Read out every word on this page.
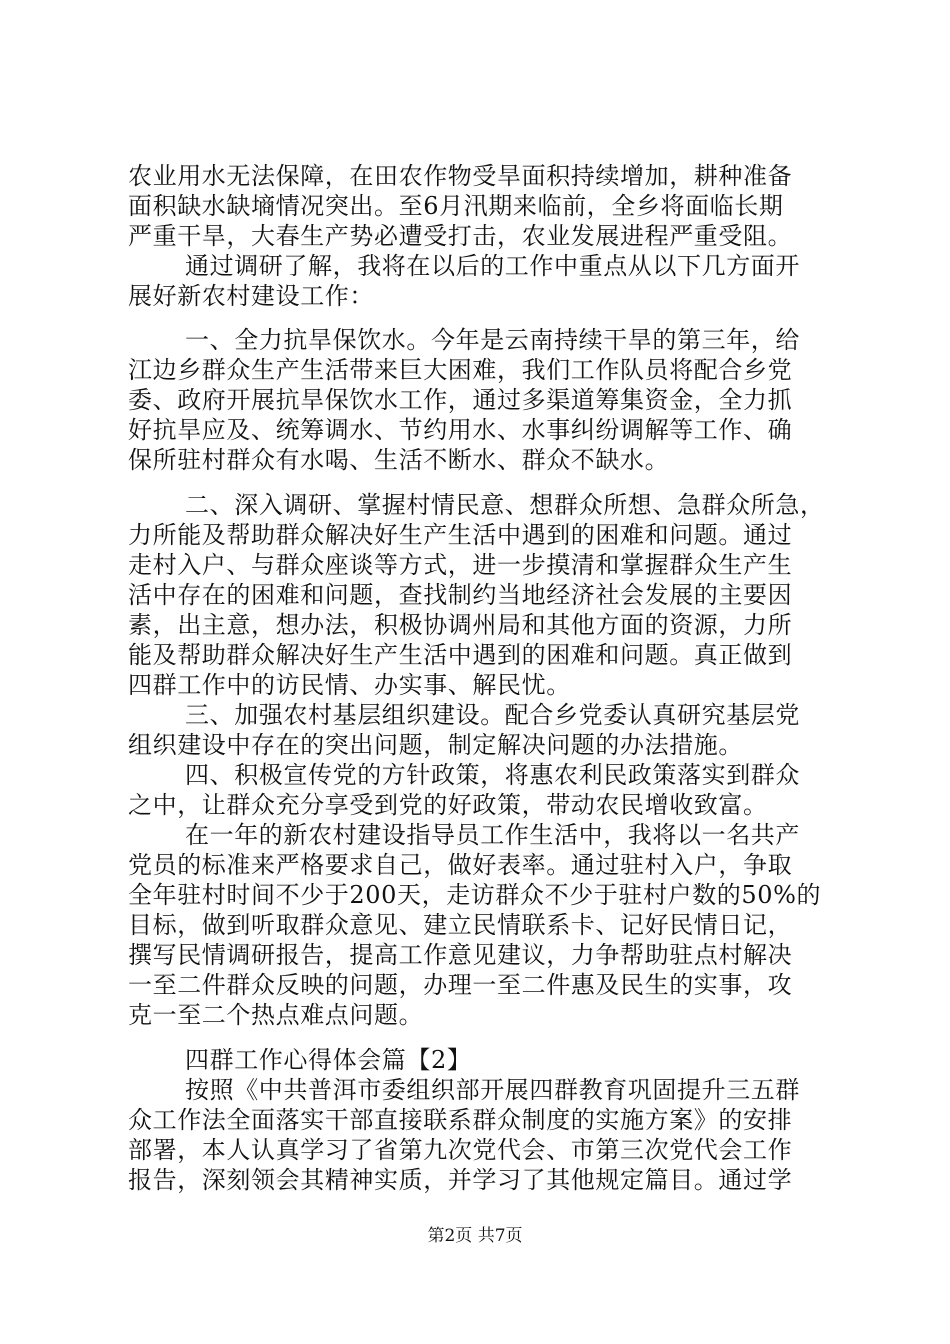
农业用水无法保障，在田农作物受旱面积持续增加，耕种准备
面积缺水缺墒情况突出。至6月汛期来临前，全乡将面临长期
严重干旱，大春生产势必遭受打击，农业发展进程严重受阻。
通过调研了解，我将在以后的工作中重点从以下几方面开
展好新农村建设工作：
一、全力抗旱保饮水。今年是云南持续干旱的第三年，给
江边乡群众生产生活带来巨大困难，我们工作队员将配合乡党
委、政府开展抗旱保饮水工作，通过多渠道筹集资金，全力抓
好抗旱应及、统筹调水、节约用水、水事纠纷调解等工作、确
保所驻村群众有水喝、生活不断水、群众不缺水。
二、深入调研、掌握村情民意、想群众所想、急群众所急，
力所能及帮助群众解决好生产生活中遇到的困难和问题。通过
走村入户、与群众座谈等方式，进一步摸清和掌握群众生产生
活中存在的困难和问题，查找制约当地经济社会发展的主要因
素，出主意，想办法，积极协调州局和其他方面的资源，力所
能及帮助群众解决好生产生活中遇到的困难和问题。真正做到
四群工作中的访民情、办实事、解民忧。
三、加强农村基层组织建设。配合乡党委认真研究基层党
组织建设中存在的突出问题，制定解决问题的办法措施。
四、积极宣传党的方针政策，将惠农利民政策落实到群众
之中，让群众充分享受到党的好政策，带动农民增收致富。
在一年的新农村建设指导员工作生活中，我将以一名共产
党员的标准来严格要求自己，做好表率。通过驻村入户，争取
全年驻村时间不少于200天，走访群众不少于驻村户数的50%的
目标，做到听取群众意见、建立民情联系卡、记好民情日记，
撰写民情调研报告，提高工作意见建议，力争帮助驻点村解决
一至二件群众反映的问题，办理一至二件惠及民生的实事，攻
克一至二个热点难点问题。
四群工作心得体会篇【2】
按照《中共普洱市委组织部开展四群教育巩固提升三五群
众工作法全面落实干部直接联系群众制度的实施方案》的安排
部署，本人认真学习了省第九次党代会、市第三次党代会工作
报告，深刻领会其精神实质，并学习了其他规定篇目。通过学
第2页 共7页
